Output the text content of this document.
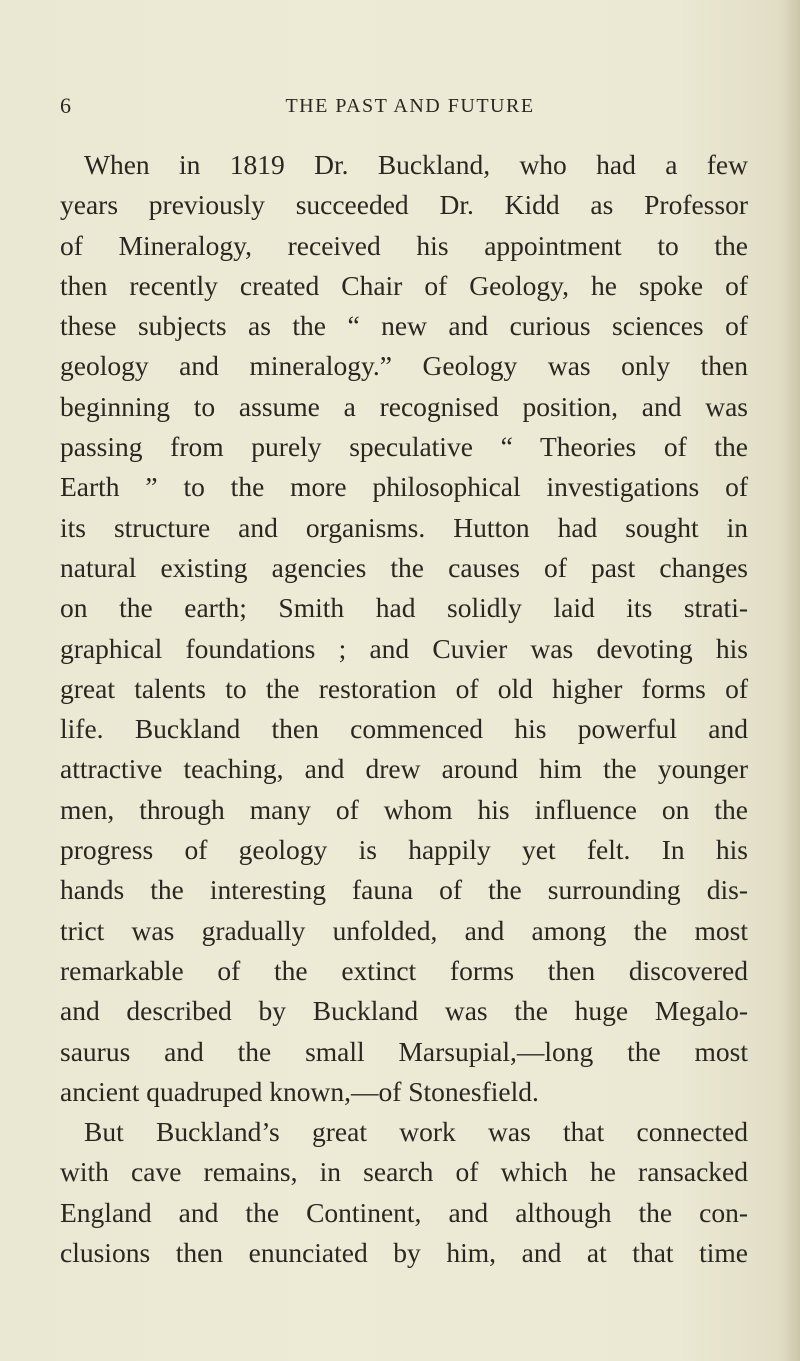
6	THE PAST AND FUTURE
When in 1819 Dr. Buckland, who had a few
years previously succeeded Dr. Kidd as Professor
of Mineralogy, received his appointment to the
then recently created Chair of Geology, he spoke of
these subjects as the “ new and curious sciences of
geology and mineralogy.” Geology was only then
beginning to assume a recognised position, and was
passing from purely speculative “ Theories of the
Earth ” to the more philosophical investigations of
its structure and organisms. Hutton had sought in
natural existing agencies the causes of past changes
on the earth; Smith had solidly laid its strati-
graphical foundations ; and Cuvier was devoting his
great talents to the restoration of old higher forms of
life. Buckland then commenced his powerful and
attractive teaching, and drew around him the younger
men, through many of whom his influence on the
progress of geology is happily yet felt. In his
hands the interesting fauna of the surrounding dis-
trict was gradually unfolded, and among the most
remarkable of the extinct forms then discovered
and described by Buckland was the huge Megalo-
saurus and the small Marsupial,—long the most
ancient quadruped known,—of Stonesfield.
But Buckland’s great work was that connected
with cave remains, in search of which he ransacked
England and the Continent, and although the con-
clusions then enunciated by him, and at that time
